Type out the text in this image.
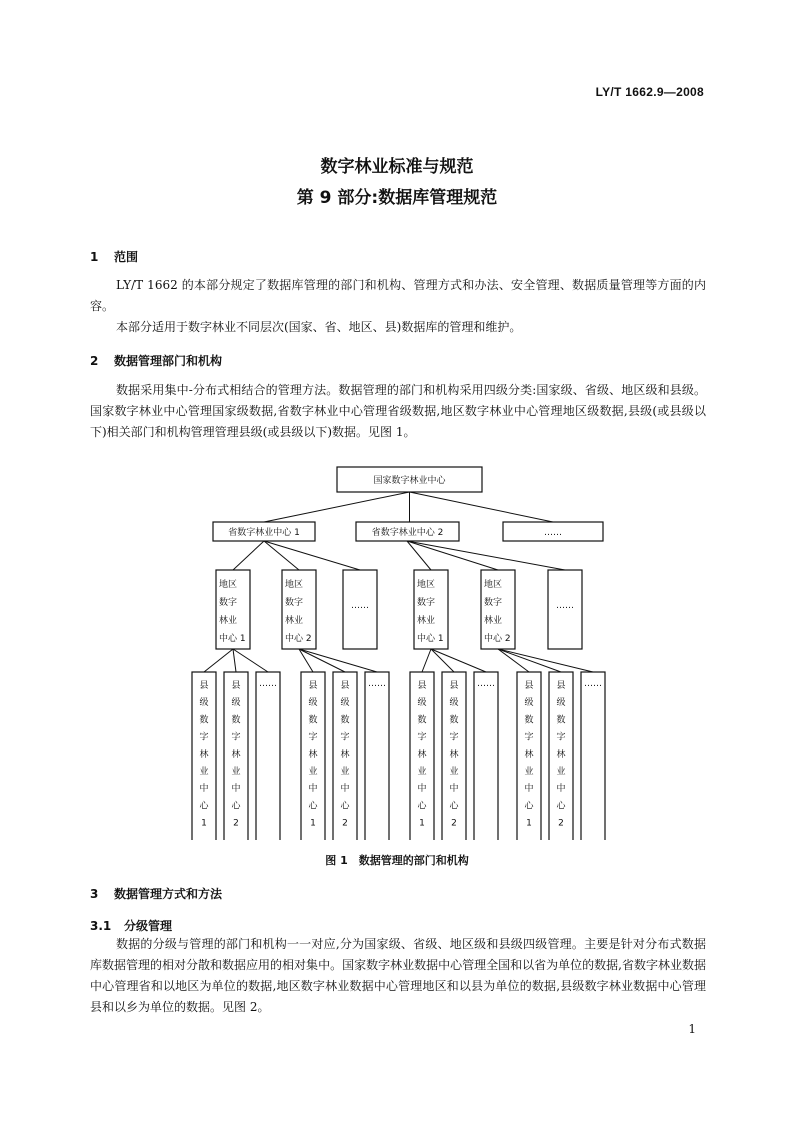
LY/T 1662.9—2008
数字林业标准与规范
第 9 部分:数据库管理规范
1 范围
LY/T 1662 的本部分规定了数据库管理的部门和机构、管理方式和办法、安全管理、数据质量管理等方面的内容。
本部分适用于数字林业不同层次(国家、省、地区、县)数据库的管理和维护。
2 数据管理部门和机构
数据采用集中-分布式相结合的管理方法。数据管理的部门和机构采用四级分类:国家级、省级、地区级和县级。国家数字林业中心管理国家级数据,省数字林业中心管理省级数据,地区数字林业中心管理地区级数据,县级(或县级以下)相关部门和机构管理管理县级(或县级以下)数据。见图 1。
国家数字林业中心
省数字林业中心 1	省数字林业中心 2	……
地区
数字
林业
中心 1
地区
数字
林业
中心 2
……
地区
数字
林业
中心 1
地区
数字
林业
中心 2
……
县
级
数
字
林
业
中
心
1
县
级
数
字
林
业
中
心
2
……	县
级
数
字
林
业
中
心
1
县
级
数
字
林
业
中
心
2
……	县
级
数
字
林
业
中
心
1
县
级
数
字
林
业
中
心
2
……	县
级
数
字
林
业
中
心
1
县
级
数
字
林
业
中
心
2
……
图 1　数据管理的部门和机构
3 数据管理方式和方法
3.1 分级管理
数据的分级与管理的部门和机构一一对应,分为国家级、省级、地区级和县级四级管理。主要是针对分布式数据库数据管理的相对分散和数据应用的相对集中。国家数字林业数据中心管理全国和以省为单位的数据,省数字林业数据中心管理省和以地区为单位的数据,地区数字林业数据中心管理地区和以县为单位的数据,县级数字林业数据中心管理县和以乡为单位的数据。见图 2。
1
